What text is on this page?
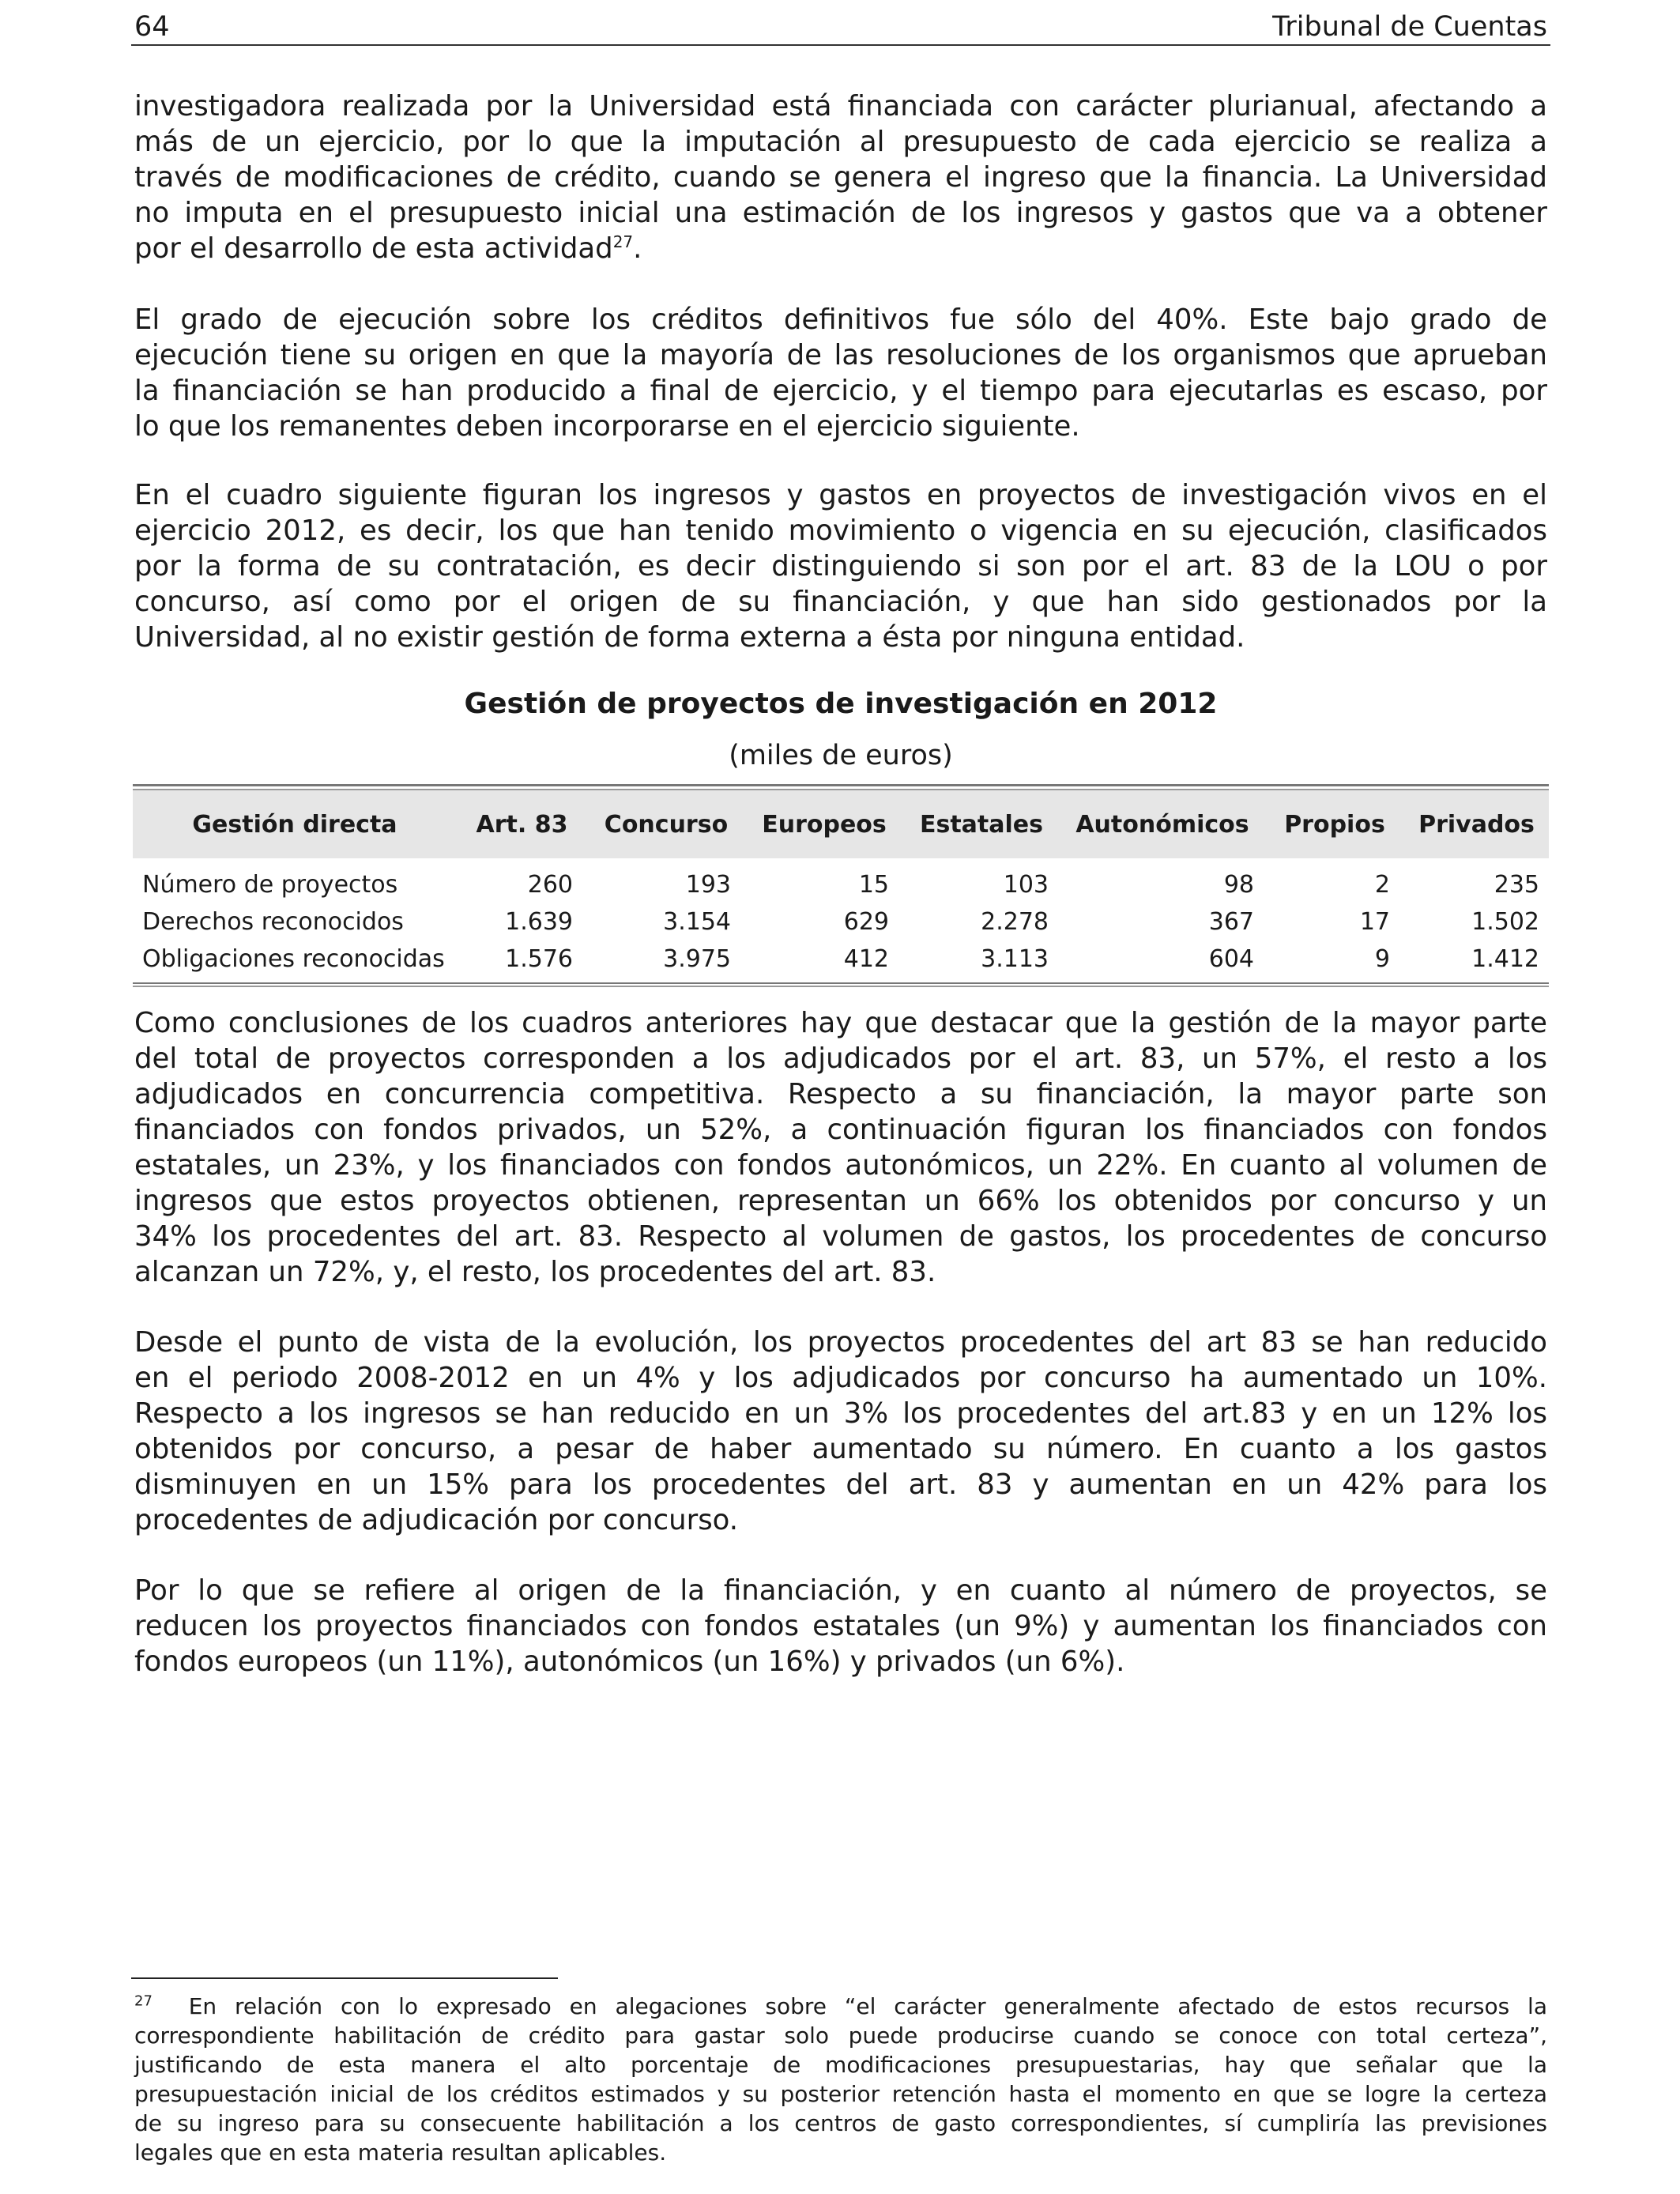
64	Tribunal de Cuentas
investigadora realizada por la Universidad está financiada con carácter plurianual, afectando a
más de un ejercicio, por lo que la imputación al presupuesto de cada ejercicio se realiza a
través de modificaciones de crédito, cuando se genera el ingreso que la financia. La Universidad
no imputa en el presupuesto inicial una estimación de los ingresos y gastos que va a obtener
por el desarrollo de esta actividad$^{27}$.
El grado de ejecución sobre los créditos definitivos fue sólo del 40%. Este bajo grado de
ejecución tiene su origen en que la mayoría de las resoluciones de los organismos que aprueban
la financiación se han producido a final de ejercicio, y el tiempo para ejecutarlas es escaso, por
lo que los remanentes deben incorporarse en el ejercicio siguiente.
En el cuadro siguiente figuran los ingresos y gastos en proyectos de investigación vivos en el
ejercicio 2012, es decir, los que han tenido movimiento o vigencia en su ejecución, clasificados
por la forma de su contratación, es decir distinguiendo si son por el art. 83 de la LOU o por
concurso, así como por el origen de su financiación, y que han sido gestionados por la
Universidad, al no existir gestión de forma externa a ésta por ninguna entidad.
Gestión de proyectos de investigación en 2012
(miles de euros)
Gestión directa	Art. 83	Concurso	Europeos	Estatales	Autonómicos	Propios	Privados
Número de proyectos	260	193	15	103	98	2	235
Derechos reconocidos	1.639	3.154	629	2.278	367	17	1.502
Obligaciones reconocidas	1.576	3.975	412	3.113	604	9	1.412
Como conclusiones de los cuadros anteriores hay que destacar que la gestión de la mayor parte
del total de proyectos corresponden a los adjudicados por el art. 83, un 57%, el resto a los
adjudicados en concurrencia competitiva. Respecto a su financiación, la mayor parte son
financiados con fondos privados, un 52%, a continuación figuran los financiados con fondos
estatales, un 23%, y los financiados con fondos autonómicos, un 22%. En cuanto al volumen de
ingresos que estos proyectos obtienen, representan un 66% los obtenidos por concurso y un
34% los procedentes del art. 83. Respecto al volumen de gastos, los procedentes de concurso
alcanzan un 72%, y, el resto, los procedentes del art. 83.
Desde el punto de vista de la evolución, los proyectos procedentes del art 83 se han reducido
en el periodo 2008-2012 en un 4% y los adjudicados por concurso ha aumentado un 10%.
Respecto a los ingresos se han reducido en un 3% los procedentes del art.83 y en un 12% los
obtenidos por concurso, a pesar de haber aumentado su número. En cuanto a los gastos
disminuyen en un 15% para los procedentes del art. 83 y aumentan en un 42% para los
procedentes de adjudicación por concurso.
Por lo que se refiere al origen de la financiación, y en cuanto al número de proyectos, se
reducen los proyectos financiados con fondos estatales (un 9%) y aumentan los financiados con
fondos europeos (un 11%), autonómicos (un 16%) y privados (un 6%).
$^{27}$ En relación con lo expresado en alegaciones sobre “el carácter generalmente afectado de estos recursos la
correspondiente habilitación de crédito para gastar solo puede producirse cuando se conoce con total certeza”,
justificando de esta manera el alto porcentaje de modificaciones presupuestarias, hay que señalar que la
presupuestación inicial de los créditos estimados y su posterior retención hasta el momento en que se logre la certeza
de su ingreso para su consecuente habilitación a los centros de gasto correspondientes, sí cumpliría las previsiones
legales que en esta materia resultan aplicables.
